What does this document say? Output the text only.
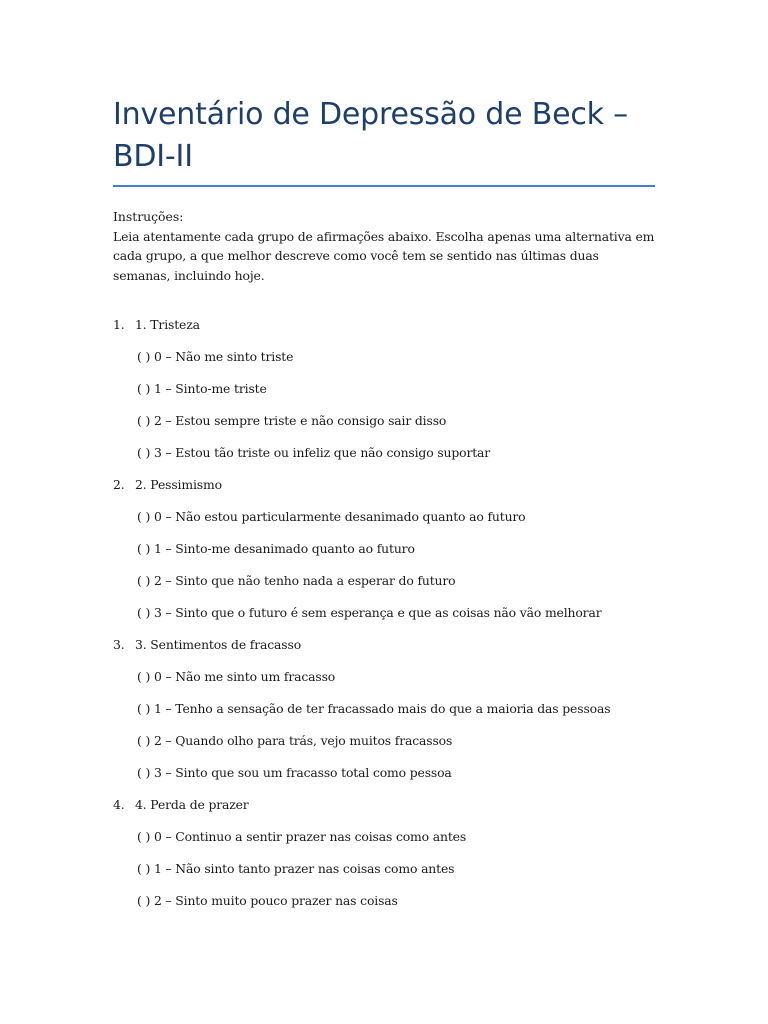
Inventário de Depressão de Beck – BDI-II
Instruções:
Leia atentamente cada grupo de afirmações abaixo. Escolha apenas uma alternativa em cada grupo, a que melhor descreve como você tem se sentido nas últimas duas semanas, incluindo hoje.
1. 1. Tristeza
( ) 0 – Não me sinto triste
( ) 1 – Sinto-me triste
( ) 2 – Estou sempre triste e não consigo sair disso
( ) 3 – Estou tão triste ou infeliz que não consigo suportar
2. 2. Pessimismo
( ) 0 – Não estou particularmente desanimado quanto ao futuro
( ) 1 – Sinto-me desanimado quanto ao futuro
( ) 2 – Sinto que não tenho nada a esperar do futuro
( ) 3 – Sinto que o futuro é sem esperança e que as coisas não vão melhorar
3. 3. Sentimentos de fracasso
( ) 0 – Não me sinto um fracasso
( ) 1 – Tenho a sensação de ter fracassado mais do que a maioria das pessoas
( ) 2 – Quando olho para trás, vejo muitos fracassos
( ) 3 – Sinto que sou um fracasso total como pessoa
4. 4. Perda de prazer
( ) 0 – Continuo a sentir prazer nas coisas como antes
( ) 1 – Não sinto tanto prazer nas coisas como antes
( ) 2 – Sinto muito pouco prazer nas coisas
